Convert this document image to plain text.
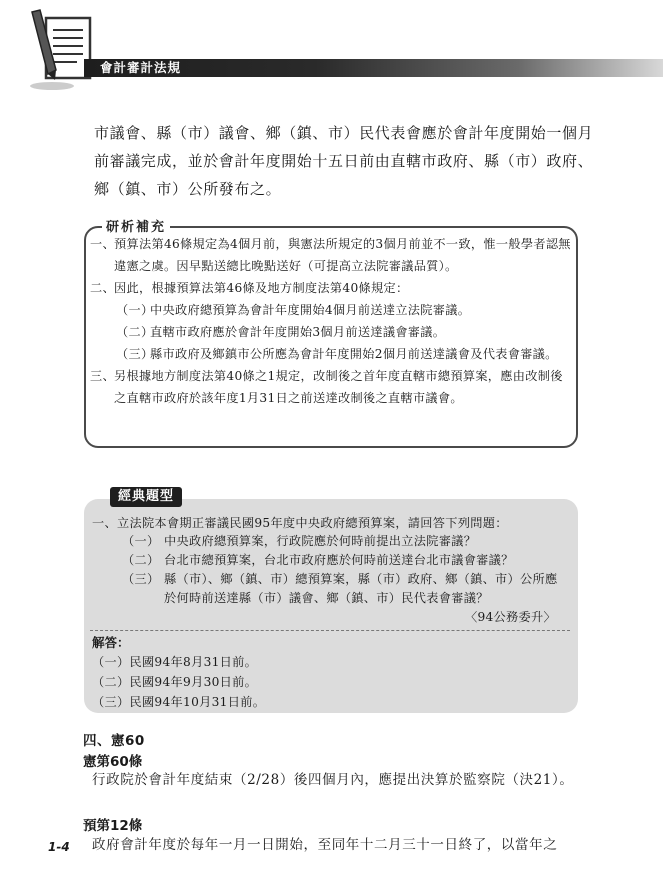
會計審計法規

市議會、縣（市）議會、鄉（鎮、市）民代表會應於會計年度開始一個月前審議完成，並於會計年度開始十五日前由直轄市政府、縣（市）政府、鄉（鎮、市）公所發布之。

研析補充
一、 預算法第46條規定為4個月前，與憲法所規定的3個月前並不一致，惟一般學者認無違憲之虞。因早點送總比晚點送好（可提高立法院審議品質）。
二、 因此，根據預算法第46條及地方制度法第40條規定：
（一）
中央政府總預算為會計年度開始4個月前送達立法院審議。
（二）
直轄市政府應於會計年度開始3個月前送達議會審議。
（三）
縣市政府及鄉鎮市公所應為會計年度開始2個月前送達議會及代表會審議。
三、 另根據地方制度法第40條之1規定，改制後之首年度直轄市總預算案，應由改制後之直轄市政府於該年度1月31日之前送達改制後之直轄市議會。
經典題型

一、立法院本會期正審議民國95年度中央政府總預算案，請回答下列問題：

（一） 中央政府總預算案，行政院應於何時前提出立法院審議？
（二） 台北市總預算案，台北市政府應於何時前送達台北市議會審議？
（三） 縣（市）、鄉（鎮、市）總預算案，縣（市）政府、鄉（鎮、市）公所應於何時前送達縣（市）議會、鄉（鎮、市）民代表會審議？
〈94公務委升〉

解答：

（一）民國94年8月31日前。
（二）民國94年9月30日前。
（三）民國94年10月31日前。

四、憲60

憲第60條

行政院於會計年度結束（2/28）後四個月內，應提出決算於監察院（決21）。

預第12條

政府會計年度於每年一月一日開始，至同年十二月三十一日終了，以當年之

1-4
